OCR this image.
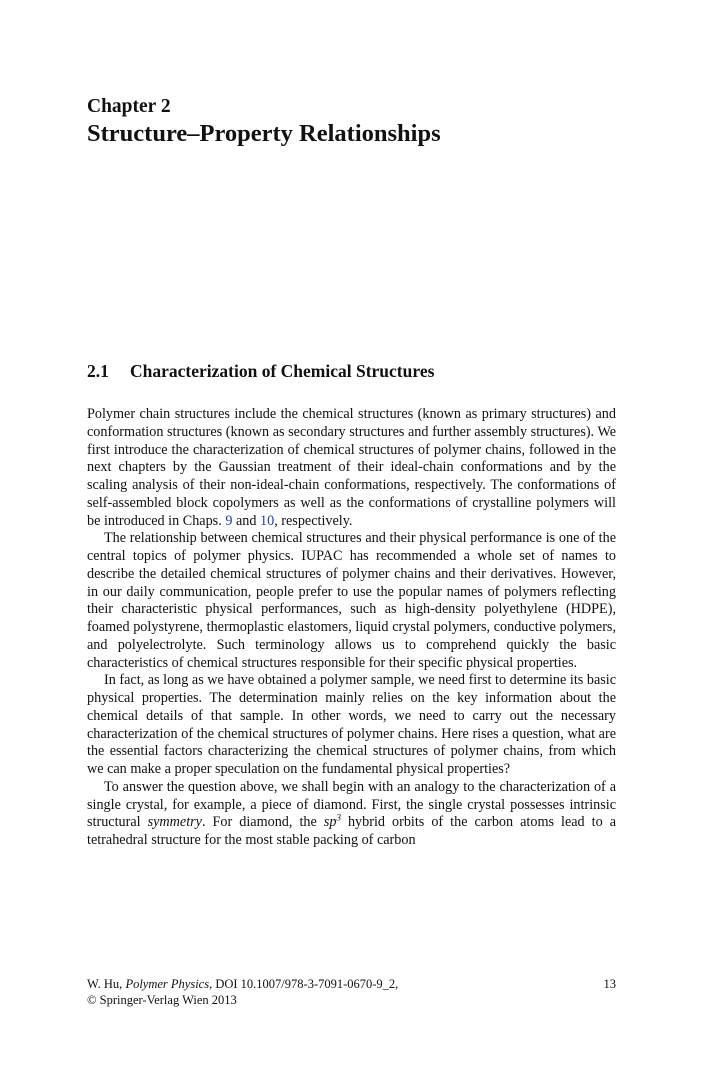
Chapter 2
Structure–Property Relationships
2.1 Characterization of Chemical Structures

Polymer chain structures include the chemical structures (known as primary structures) and conformation structures (known as secondary structures and further assembly structures). We first introduce the characterization of chemical structures of polymer chains, followed in the next chapters by the Gaussian treatment of their ideal-chain conformations and by the scaling analysis of their non-ideal-chain conformations, respectively. The conformations of self-assembled block copolymers as well as the conformations of crystalline polymers will be introduced in Chaps. 9 and 10, respectively.

The relationship between chemical structures and their physical performance is one of the central topics of polymer physics. IUPAC has recommended a whole set of names to describe the detailed chemical structures of polymer chains and their derivatives. However, in our daily communication, people prefer to use the popular names of polymers reflecting their characteristic physical performances, such as high-density polyethylene (HDPE), foamed polystyrene, thermoplastic elastomers, liquid crystal polymers, conductive polymers, and polyelectrolyte. Such terminology allows us to comprehend quickly the basic characteristics of chemical structures responsible for their specific physical properties.

In fact, as long as we have obtained a polymer sample, we need first to determine its basic physical properties. The determination mainly relies on the key information about the chemical details of that sample. In other words, we need to carry out the necessary characterization of the chemical structures of polymer chains. Here rises a question, what are the essential factors characterizing the chemical structures of polymer chains, from which we can make a proper speculation on the fundamental physical properties?

To answer the question above, we shall begin with an analogy to the characterization of a single crystal, for example, a piece of diamond. First, the single crystal possesses intrinsic structural symmetry. For diamond, the $sp^3$ hybrid orbits of the carbon atoms lead to a tetrahedral structure for the most stable packing of carbon

W. Hu, Polymer Physics, DOI 10.1007/978-3-7091-0670-9_2,
© Springer-Verlag Wien 2013
13
